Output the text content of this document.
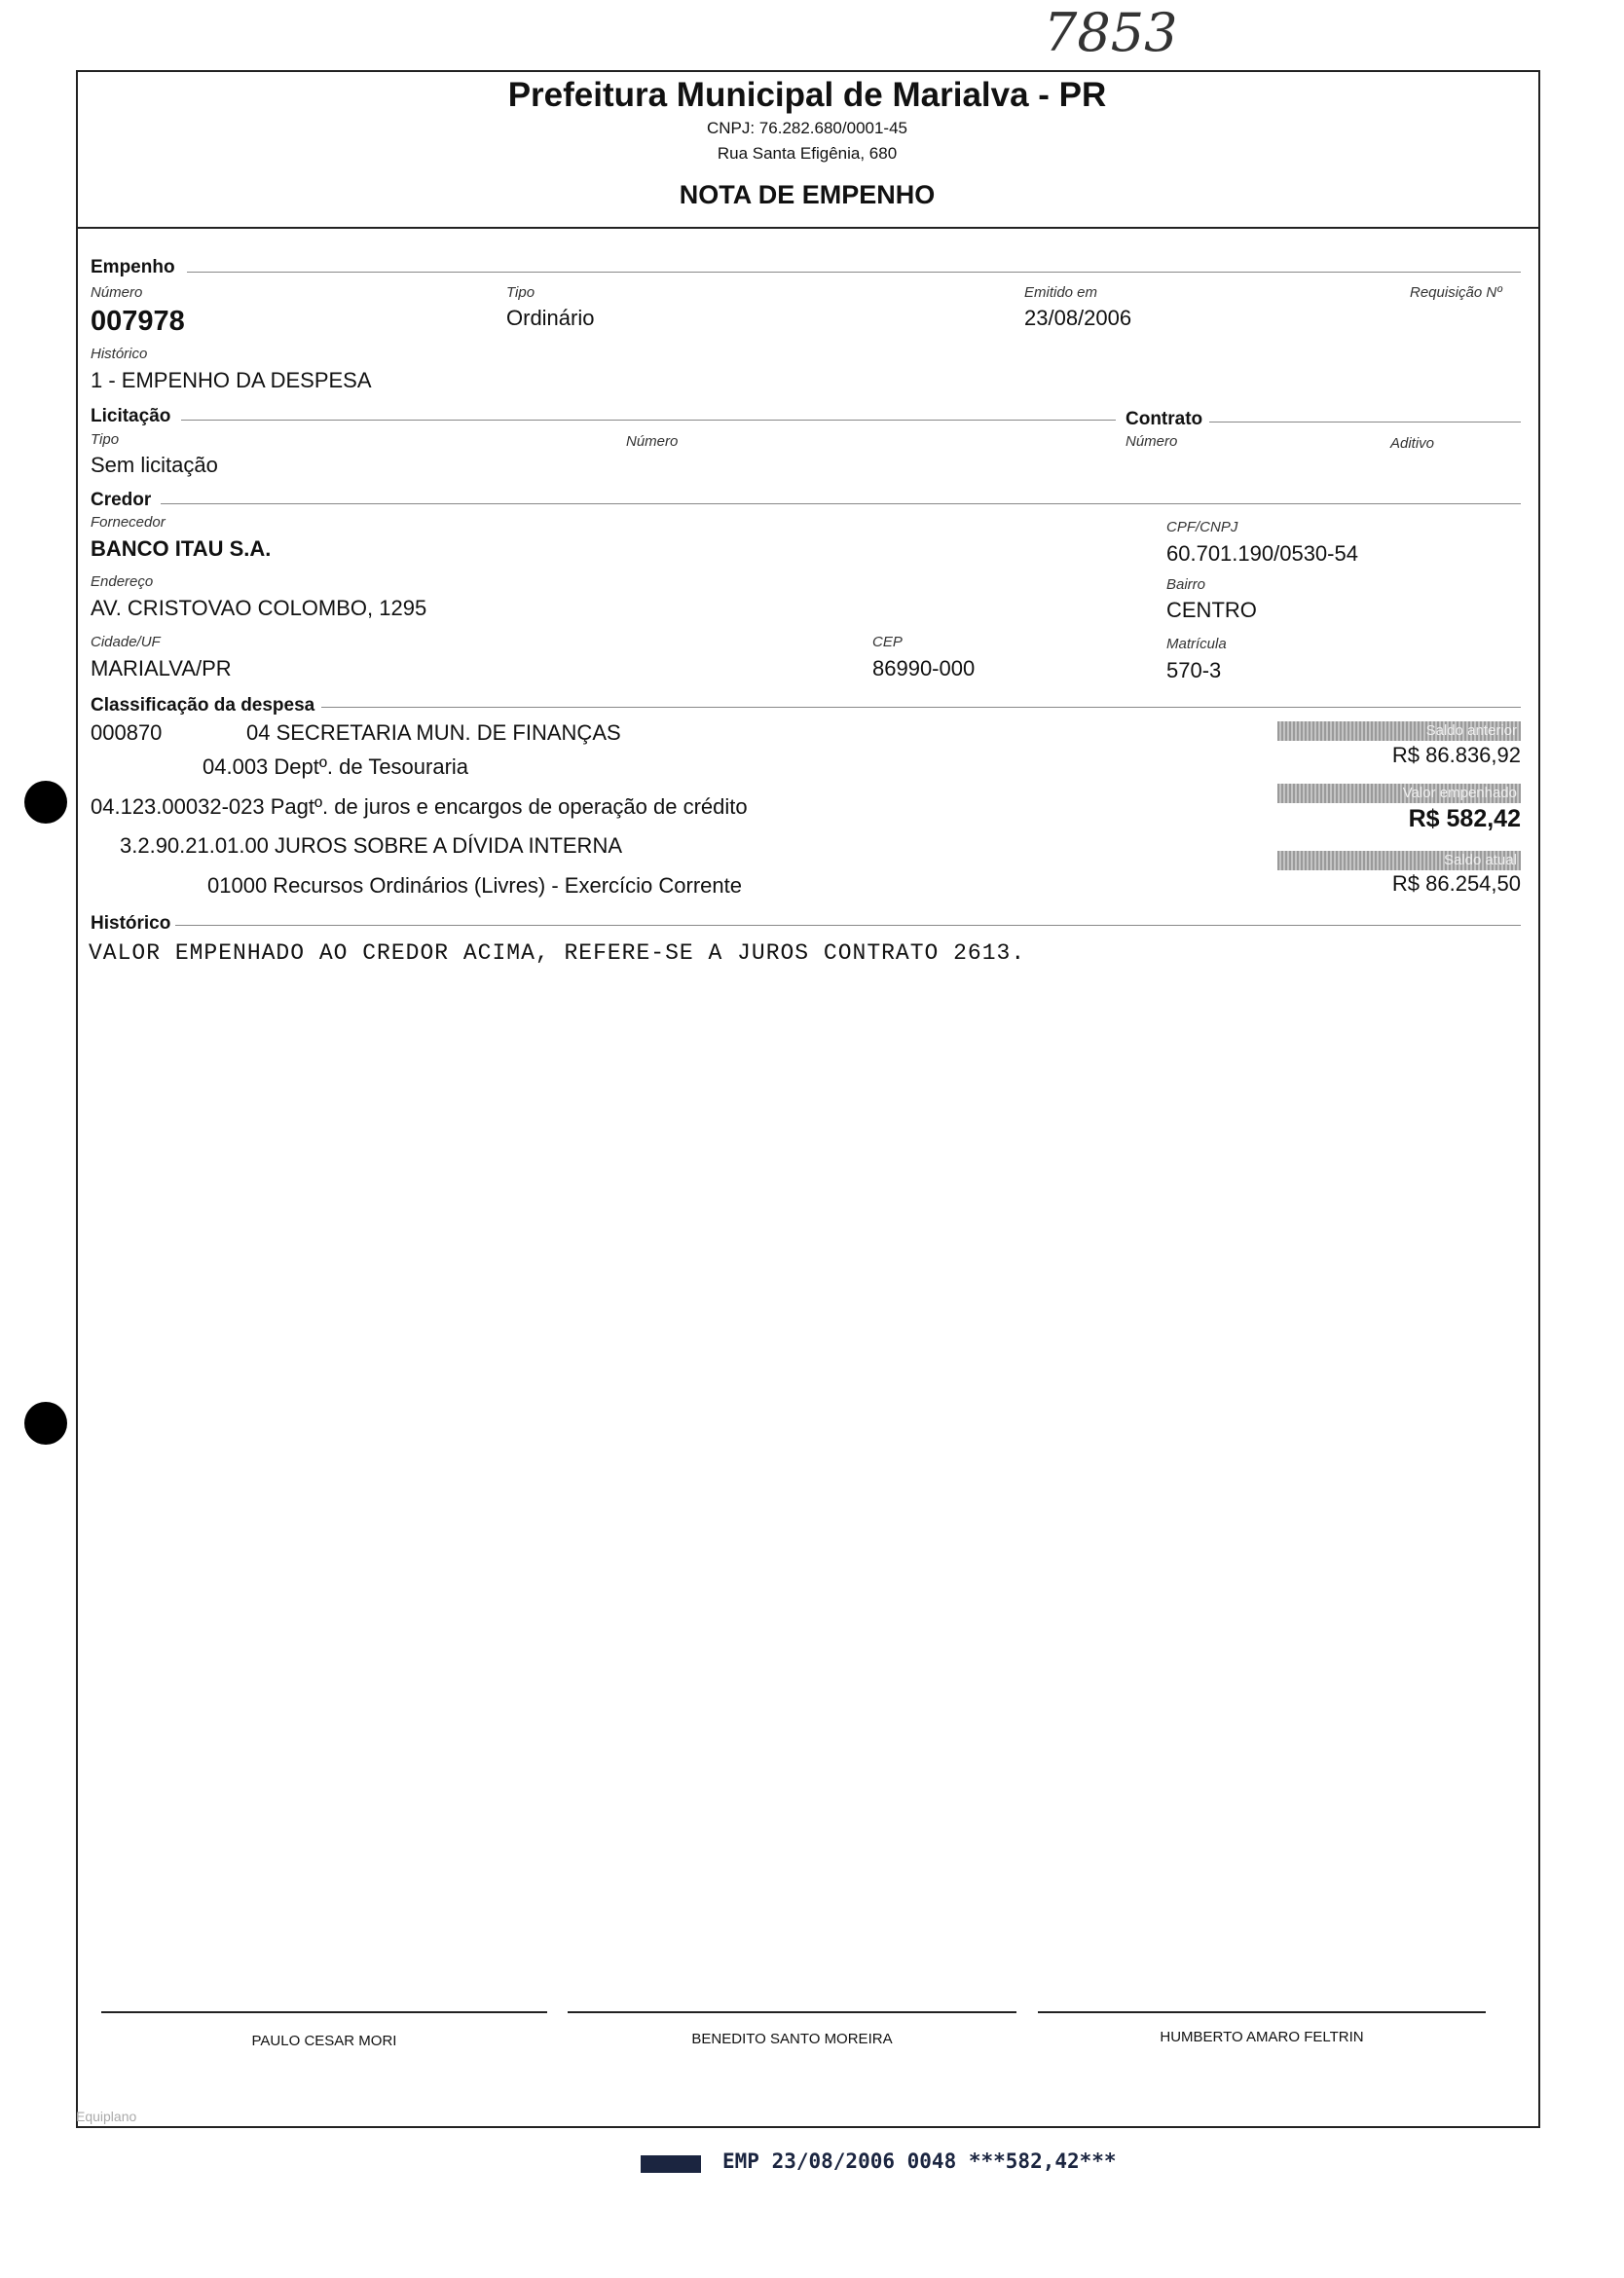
7853
Prefeitura Municipal de Marialva - PR
CNPJ: 76.282.680/0001-45
Rua Santa Efigênia, 680
NOTA DE EMPENHO
Empenho
Número
007978
Tipo
Ordinário
Emitido em
23/08/2006
Requisição Nº
Histórico
1 - EMPENHO DA DESPESA
Licitação	Contrato
Tipo
Sem licitação
Número	Número	Aditivo
Credor
Fornecedor
BANCO ITAU S.A.
CPF/CNPJ
60.701.190/0530-54
Endereço
AV. CRISTOVAO COLOMBO, 1295
Bairro
CENTRO
Cidade/UF
MARIALVA/PR
CEP
86990-000
Matrícula
570-3
Classificação da despesa
000870	04 SECRETARIA MUN. DE FINANÇAS
04.003 Deptº. de Tesouraria
04.123.00032-023 Pagtº. de juros e encargos de operação de crédito
3.2.90.21.01.00 JUROS SOBRE A DÍVIDA INTERNA
01000 Recursos Ordinários (Livres) - Exercício Corrente
Saldo anterior
R$ 86.836,92
Valor empenhado
R$ 582,42
Saldo atual
R$ 86.254,50
Histórico
VALOR EMPENHADO AO CREDOR ACIMA, REFERE-SE A JUROS CONTRATO 2613.
PAULO CESAR MORI	BENEDITO SANTO MOREIRA	HUMBERTO AMARO FELTRIN
Equiplano
EMP 23/08/2006 0048 ***582,42***
